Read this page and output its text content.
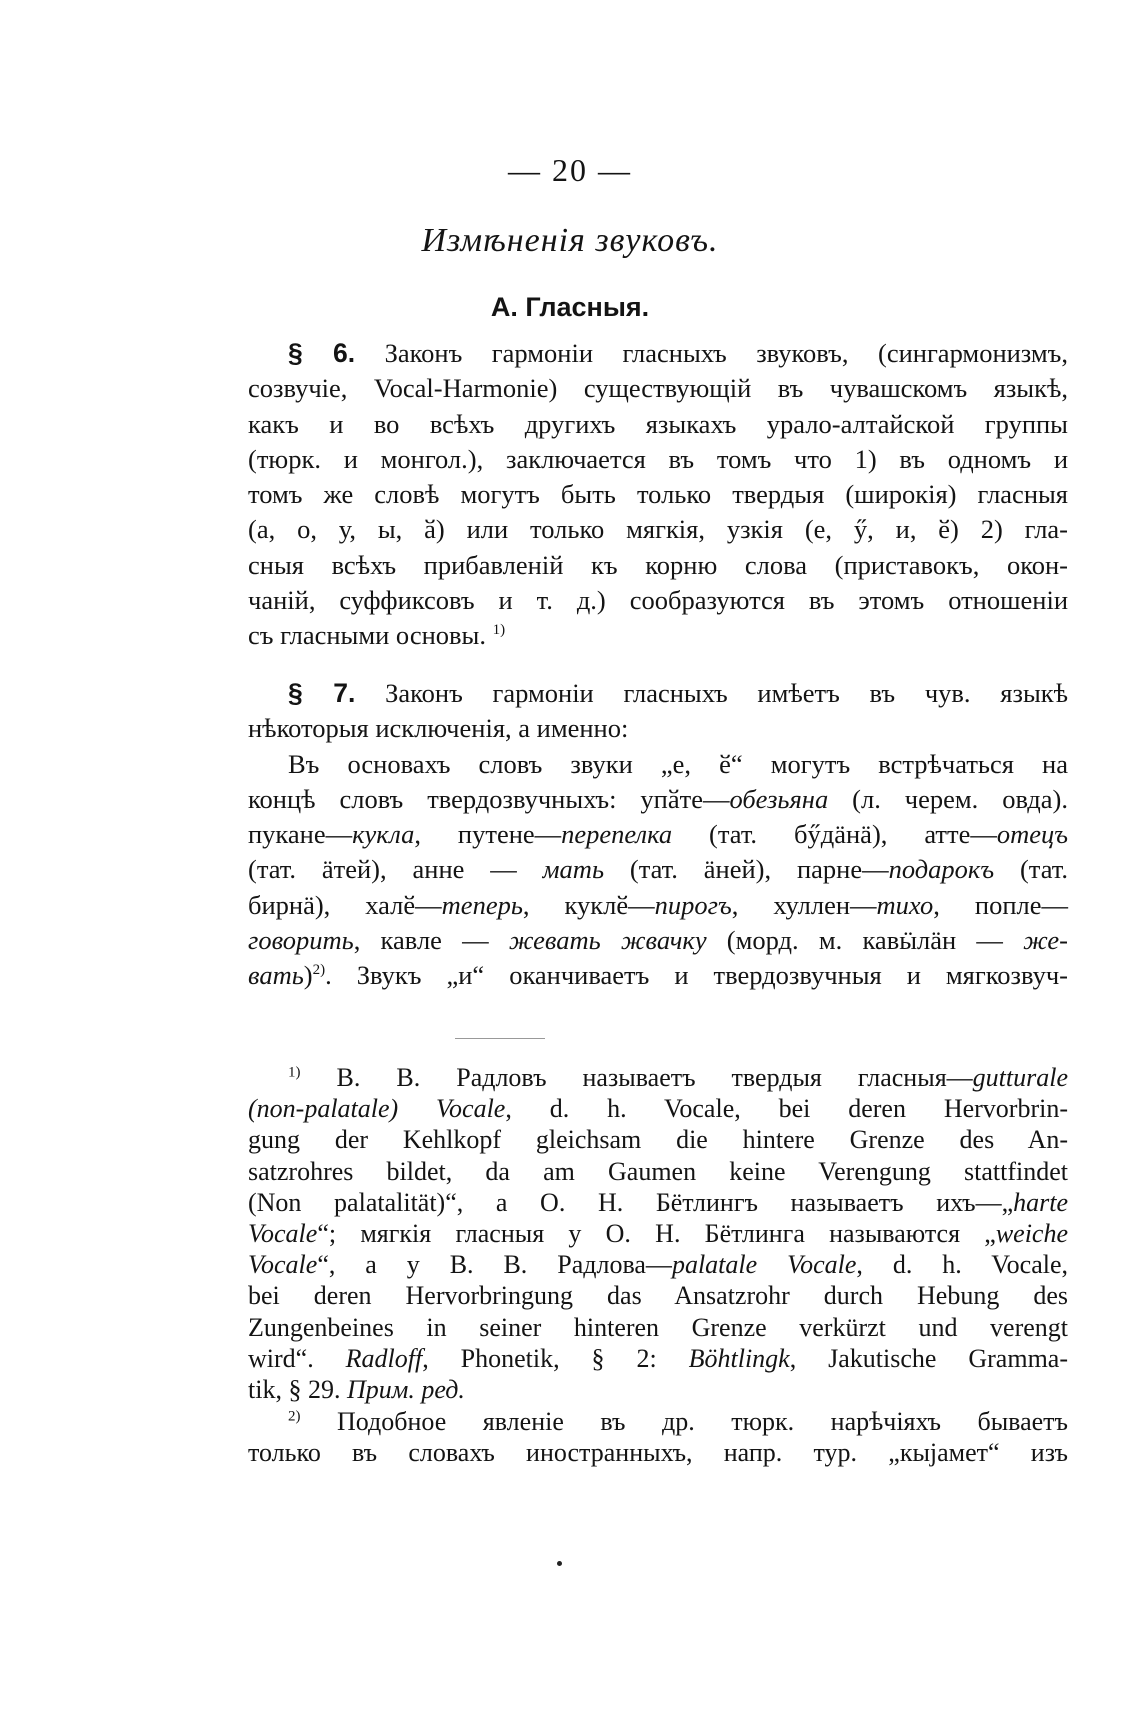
— 20 —
Измѣненія звуковъ.
А. Гласныя.
§ 6. Законъ гармоніи гласныхъ звуковъ, (сингармонизмъ,
созвучіе, Vocal-Harmonie) существующій въ чувашскомъ языкѣ,
какъ и во всѣхъ другихъ языкахъ урало-алтайской группы
(тюрк. и монгол.), заключается въ томъ что 1) въ одномъ и
томъ же словѣ могутъ быть только твердыя (широкія) гласныя
(а, о, у, ы, ӑ) или только мягкія, узкія (е, ӳ, и, ӗ) 2) гла-
сныя всѣхъ прибавленій къ корню слова (приставокъ, окон-
чаній, суффиксовъ и т. д.) сообразуются въ этомъ отношеніи
съ гласными основы. $^{1)}$
§ 7. Законъ гармоніи гласныхъ имѣетъ въ чув. языкѣ
нѣкоторыя исключенія, а именно:
Въ основахъ словъ звуки „е, ӗ“ могутъ встрѣчаться на
концѣ словъ твердозвучныхъ: упӑте—обезьяна (л. черем. овда).
пукане—кукла, путене—перепелка (тат. бӳдӓнӓ), атте—отецъ
(тат. ӓтей), анне — мать (тат. ӓней), парне—подарокъ (тат.
бирнӓ), халӗ—теперь, куклӗ—пирогъ, хуллен—тихо, попле—
говорить, кавле — жевать жвачку (морд. м. кавӹлӓн — же-
вать)$^{2)}$. Звукъ „и“ оканчиваетъ и твердозвучныя и мягкозвуч-
$^{1)}$ В. В. Радловъ называетъ твердыя гласныя—gutturale
(non-palatale) Vocale, d. h. Vocale, bei deren Hervorbrin-
gung der Kehlkopf gleichsam die hintere Grenze des An-
satzrohres bildet, da am Gaumen keine Verengung stattfindet
(Non palatalität)“, а О. Н. Бётлингъ называетъ ихъ—„harte
Vocale“; мягкія гласныя у О. Н. Бётлинга называются „weiche
Vocale“, а у В. В. Радлова—palatale Vocale, d. h. Vocale,
bei deren Hervorbringung das Ansatzrohr durch Hebung des
Zungenbeines in seiner hinteren Grenze verkürzt und verengt
wird“. Radloff, Phonetik, § 2: Böhtlingk, Jakutische Gramma-
tik, § 29. Прим. ред.
$^{2)}$ Подобное явленіе въ др. тюрк. нарѣчіяхъ бываетъ
только въ словахъ иностранныхъ, напр. тур. „кыјамет“ изъ
